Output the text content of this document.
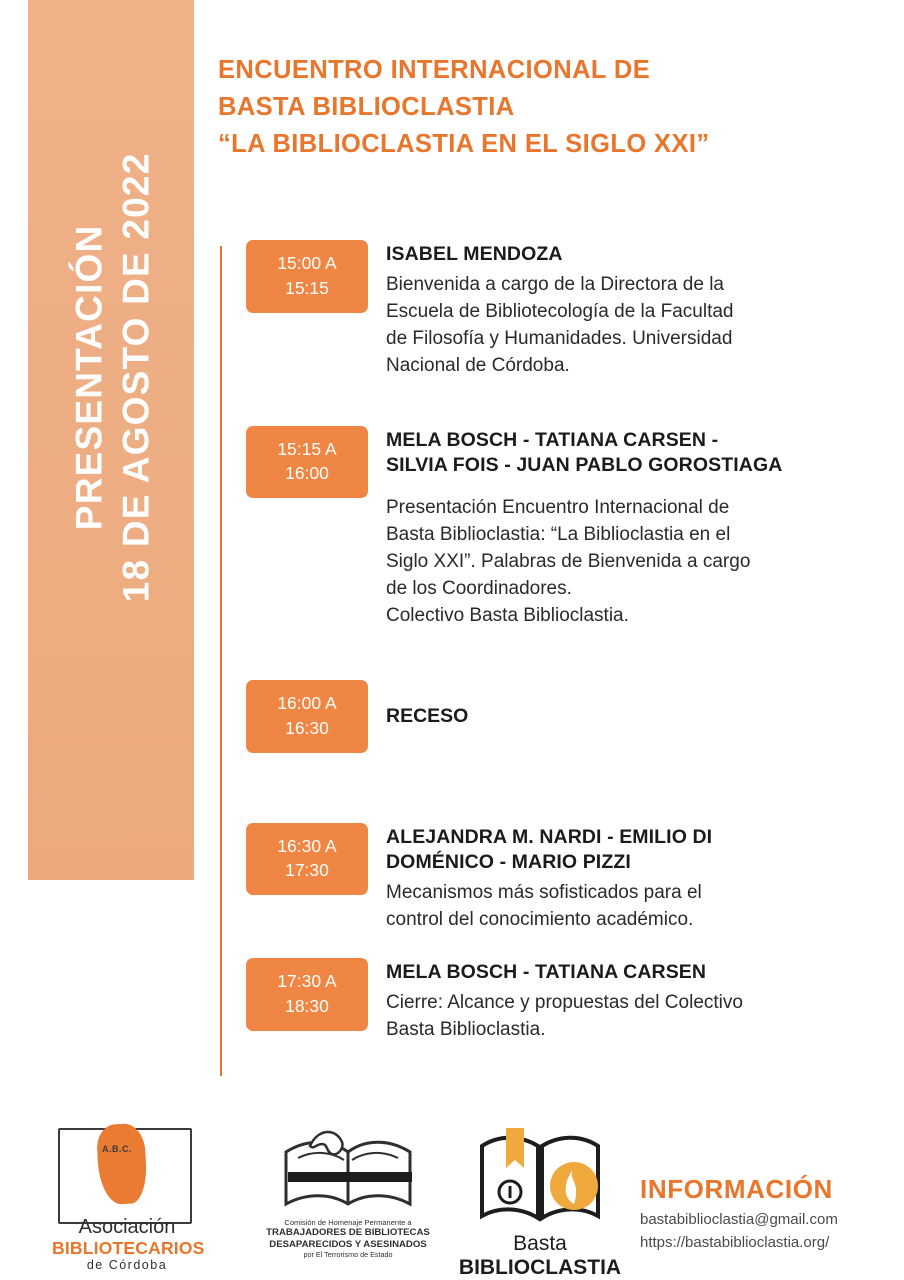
PRESENTACIÓN 18 DE AGOSTO DE 2022
ENCUENTRO INTERNACIONAL DE
BASTA BIBLIOCLASTIA
“LA BIBLIOCLASTIA EN EL SIGLO XXI”
15:00 A
15:15
ISABEL MENDOZA
Bienvenida a cargo de la Directora de la
Escuela de Bibliotecología de la Facultad
de Filosofía y Humanidades. Universidad
Nacional de Córdoba.
15:15 A
16:00
MELA BOSCH - TATIANA CARSEN -
SILVIA FOIS - JUAN PABLO GOROSTIAGA
Presentación Encuentro Internacional de
Basta Biblioclastia: “La Biblioclastia en el
Siglo XXI”. Palabras de Bienvenida a cargo
de los Coordinadores.
Colectivo Basta Biblioclastia.
16:00 A
16:30
RECESO
16:30 A
17:30
ALEJANDRA M. NARDI - EMILIO DI
DOMÉNICO - MARIO PIZZI
Mecanismos más sofisticados para el
control del conocimiento académico.
17:30 A
18:30
MELA BOSCH - TATIANA CARSEN
Cierre: Alcance y propuestas del Colectivo
Basta Biblioclastia.
A.B.C.
Asociación
BIBLIOTECARIOS
de Córdoba
Comisión de Homenaje Permanente a
TRABAJADORES DE BIBLIOTECAS
DESAPARECIDOS Y ASESINADOS
por El Terrorismo de Estado	Basta BIBLIOCLASTIA
INFORMACIÓN
bastabiblioclastia@gmail.com
https://bastabiblioclastia.org/
